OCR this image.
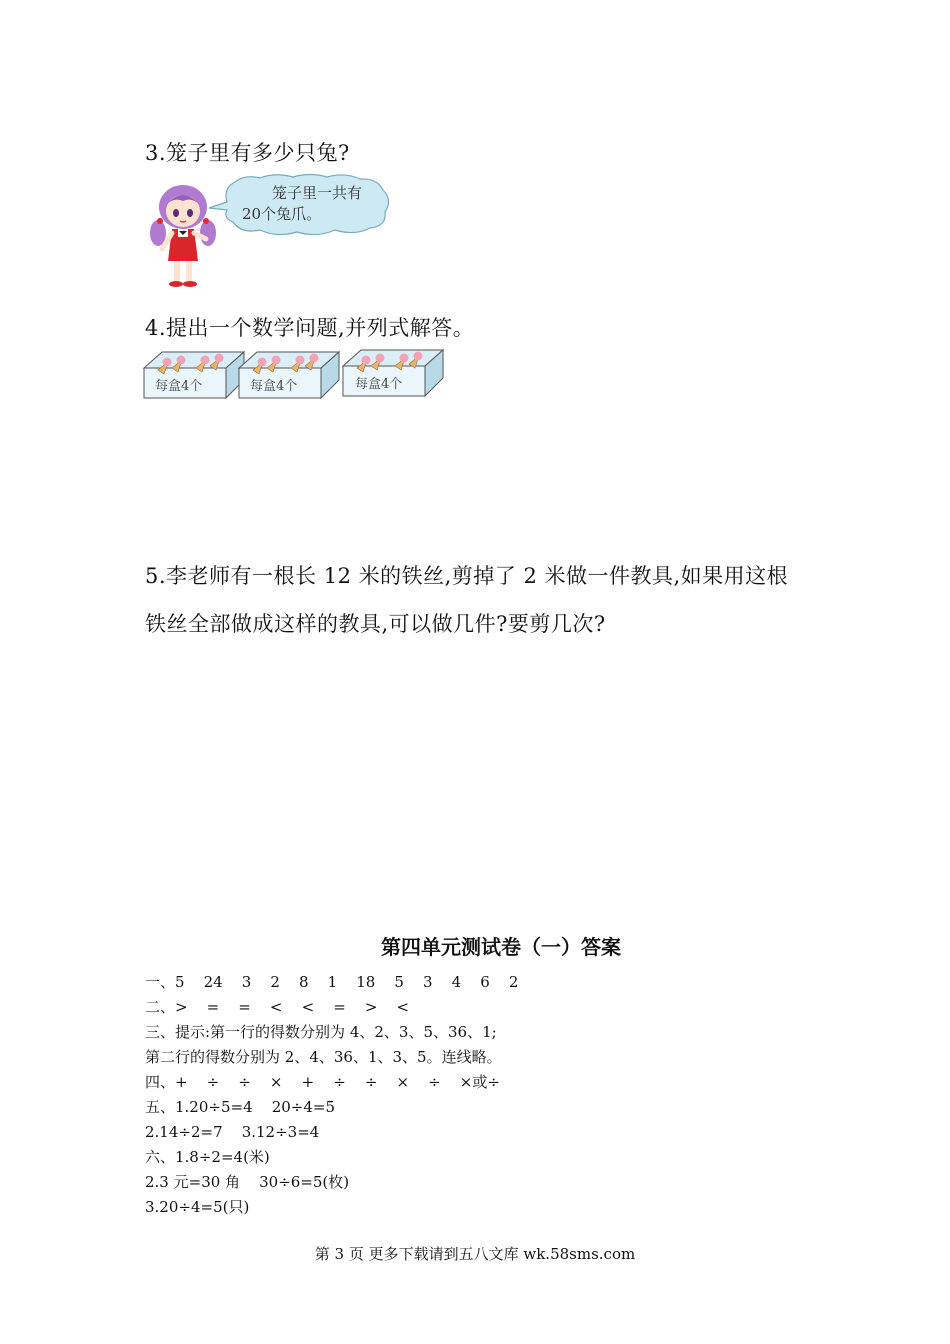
3.笼子里有多少只兔?
笼子里一共有
20个兔爪。
4.提出一个数学问题,并列式解答。
每盒4个	每盒4个	每盒4个
5.李老师有一根长 12 米的铁丝,剪掉了 2 米做一件教具,如果用这根
铁丝全部做成这样的教具,可以做几件?要剪几次?
第四单元测试卷（一）答案
一、5    24    3    2    8    1    18    5    3    4    6    2
二、>    =    =    <    <    =    >    <
三、提示:第一行的得数分别为 4、2、3、5、36、1;
第二行的得数分别为 2、4、36、1、3、5。连线略。
四、+    ÷    ÷    ×    +    ÷    ÷    ×    ÷    ×或÷
五、1.20÷5=4    20÷4=5
2.14÷2=7    3.12÷3=4
六、1.8÷2=4(米)
2.3 元=30 角    30÷6=5(枚)
3.20÷4=5(只)
第 3 页 更多下载请到五八文库 wk.58sms.com
